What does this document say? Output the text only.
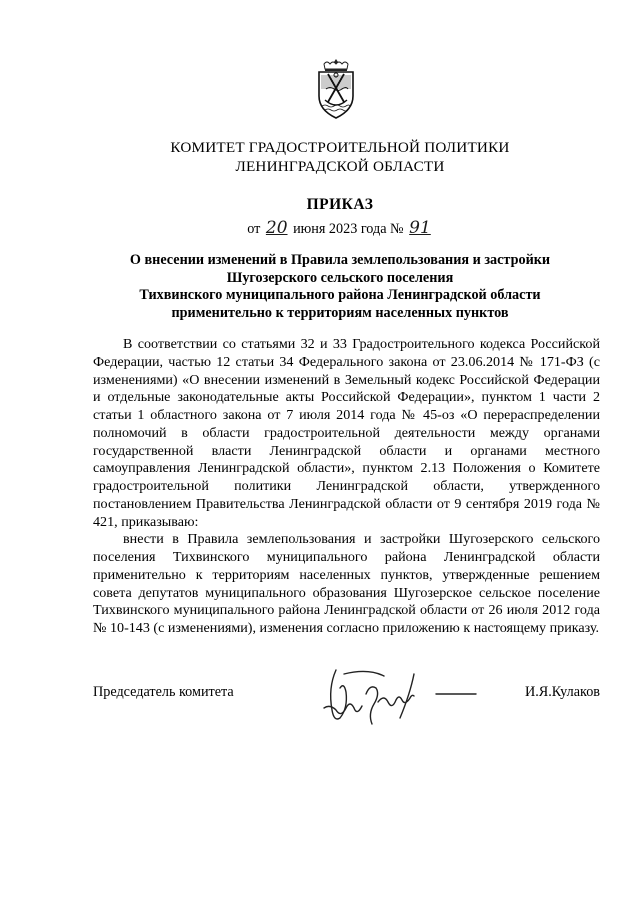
КОМИТЕТ ГРАДОСТРОИТЕЛЬНОЙ ПОЛИТИКИ
ЛЕНИНГРАДСКОЙ ОБЛАСТИ
ПРИКАЗ
от 20 июня 2023 года № 91
О внесении изменений в Правила землепользования и застройки
Шугозерского сельского поселения
Тихвинского муниципального района Ленинградской области
применительно к территориям населенных пунктов

В соответствии со статьями 32 и 33 Градостроительного кодекса Российской Федерации, частью 12 статьи 34 Федерального закона от 23.06.2014 № 171-ФЗ (с изменениями) «О внесении изменений в Земельный кодекс Российской Федерации и отдельные законодательные акты Российской Федерации», пунктом 1 части 2 статьи 1 областного закона от 7 июля 2014 года № 45-оз «О перераспределении полномочий в области градостроительной деятельности между органами государственной власти Ленинградской области и органами местного самоуправления Ленинградской области», пунктом 2.13 Положения о Комитете градостроительной политики Ленинградской области, утвержденного постановлением Правительства Ленинградской области от 9 сентября 2019 года № 421, приказываю:

внести в Правила землепользования и застройки Шугозерского сельского поселения Тихвинского муниципального района Ленинградской области применительно к территориям населенных пунктов, утвержденные решением совета депутатов муниципального образования Шугозерское сельское поселение Тихвинского муниципального района Ленинградской области от 26 июля 2012 года № 10-143 (с изменениями), изменения согласно приложению к настоящему приказу.

Председатель комитета	И.Я.Кулаков
